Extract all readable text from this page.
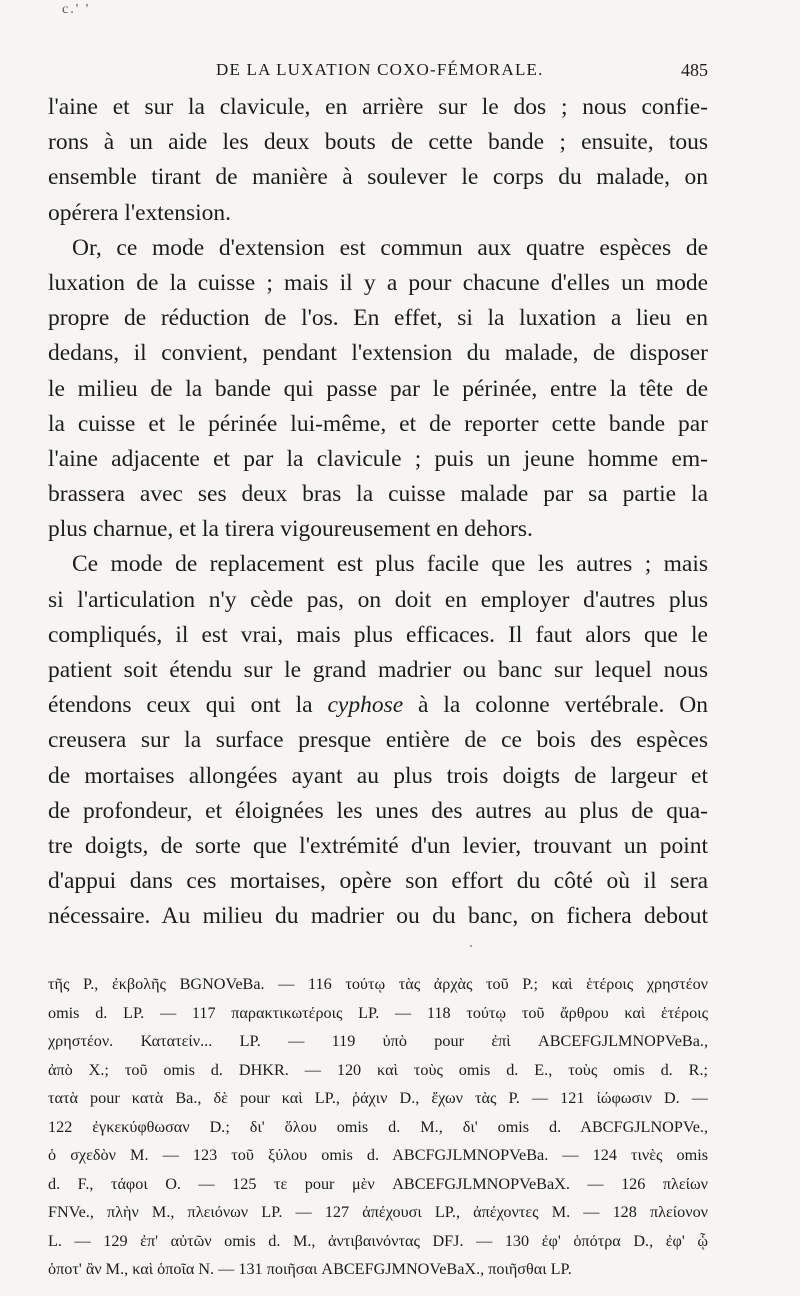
c.' '
DE LA LUXATION COXO-FÉMORALE.	485
l'aine et sur la clavicule, en arrière sur le dos ; nous confie-
rons à un aide les deux bouts de cette bande ; ensuite, tous
ensemble tirant de manière à soulever le corps du malade, on
opérera l'extension.
Or, ce mode d'extension est commun aux quatre espèces de
luxation de la cuisse ; mais il y a pour chacune d'elles un mode
propre de réduction de l'os. En effet, si la luxation a lieu en
dedans, il convient, pendant l'extension du malade, de disposer
le milieu de la bande qui passe par le périnée, entre la tête de
la cuisse et le périnée lui-même, et de reporter cette bande par
l'aine adjacente et par la clavicule ; puis un jeune homme em-
brassera avec ses deux bras la cuisse malade par sa partie la
plus charnue, et la tirera vigoureusement en dehors.
Ce mode de replacement est plus facile que les autres ; mais
si l'articulation n'y cède pas, on doit en employer d'autres plus
compliqués, il est vrai, mais plus efficaces. Il faut alors que le
patient soit étendu sur le grand madrier ou banc sur lequel nous
étendons ceux qui ont la cyphose à la colonne vertébrale. On
creusera sur la surface presque entière de ce bois des espèces
de mortaises allongées ayant au plus trois doigts de largeur et
de profondeur, et éloignées les unes des autres au plus de qua-
tre doigts, de sorte que l'extrémité d'un levier, trouvant un point
d'appui dans ces mortaises, opère son effort du côté où il sera
nécessaire. Au milieu du madrier ou du banc, on fichera debout
τῆς P., ἐκβολῆς BGNOVeBa. — 116 τούτῳ τὰς ἀρχὰς τοῦ P.; καὶ ἑτέροις χρηστέον
omis d. LP. — 117 παρακτικωτέροις LP. — 118 τούτῳ τοῦ ἄρθρου καὶ ἑτέροις
χρηστέον. Κατατείν... LP. — 119 ὑπὸ pour ἐπὶ ABCEFGJLMNOPVeBa.,
ἀπὸ X.; τοῦ omis d. DHKR. — 120 καὶ τοὺς omis d. E., τοὺς omis d. R.;
τατὰ pour κατὰ Ba., δὲ pour καὶ LP., ῥάχιν D., ἔχων τὰς P. — 121 ἰώφωσιν D. —
122 ἐγκεκύφθωσαν D.; δι' ὅλου omis d. M., δι' omis d. ABCFGJLNOPVe.,
ὁ σχεδὸν M. — 123 τοῦ ξύλου omis d. ABCFGJLMNOPVeBa. — 124 τινὲς omis
d. F., τάφοι O. — 125 τε pour μὲν ABCEFGJLMNOPVeBaX. — 126 πλείων
FNVe., πλὴν M., πλειόνων LP. — 127 ἀπέχουσι LP., ἀπέχοντες M. — 128 πλείονον
L. — 129 ἐπ' αὐτῶν omis d. M., ἀντιβαινόντας DFJ. — 130 ἐφ' ὁπότρα D., ἐφ' ᾧ
ὁποτ' ἂν M., καὶ ὁποῖα N. — 131 ποιῆσαι ABCEFGJMNOVeBaX., ποιῆσθαι LP.
